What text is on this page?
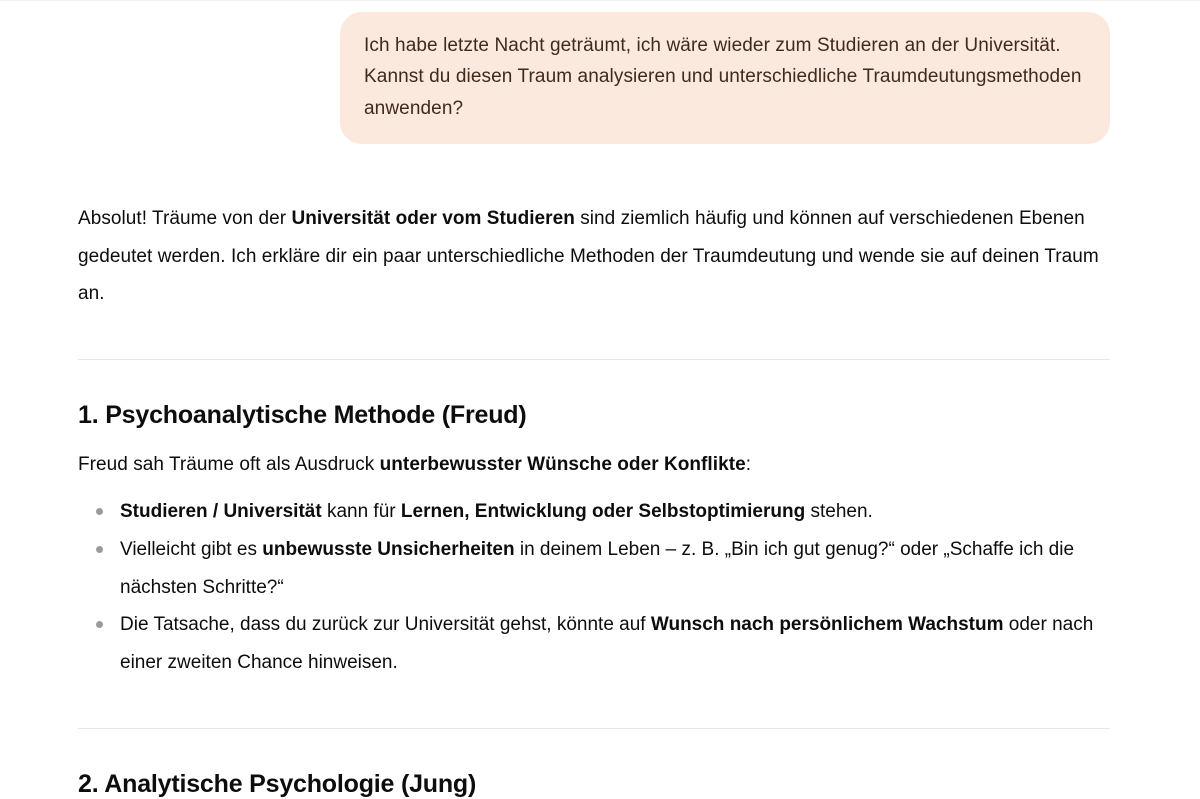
Ich habe letzte Nacht geträumt, ich wäre wieder zum Studieren an der Universität. Kannst du diesen Traum analysieren und unterschiedliche Traumdeutungsmethoden anwenden?

Absolut! Träume von der Universität oder vom Studieren sind ziemlich häufig und können auf verschiedenen Ebenen gedeutet werden. Ich erkläre dir ein paar unterschiedliche Methoden der Traumdeutung und wende sie auf deinen Traum an.

1. Psychoanalytische Methode (Freud)

Freud sah Träume oft als Ausdruck unterbewusster Wünsche oder Konflikte:

Studieren / Universität kann für Lernen, Entwicklung oder Selbstoptimierung stehen.
Vielleicht gibt es unbewusste Unsicherheiten in deinem Leben – z. B. „Bin ich gut genug?“ oder „Schaffe ich die nächsten Schritte?“
Die Tatsache, dass du zurück zur Universität gehst, könnte auf Wunsch nach persönlichem Wachstum oder nach einer zweiten Chance hinweisen.
2. Analytische Psychologie (Jung)
